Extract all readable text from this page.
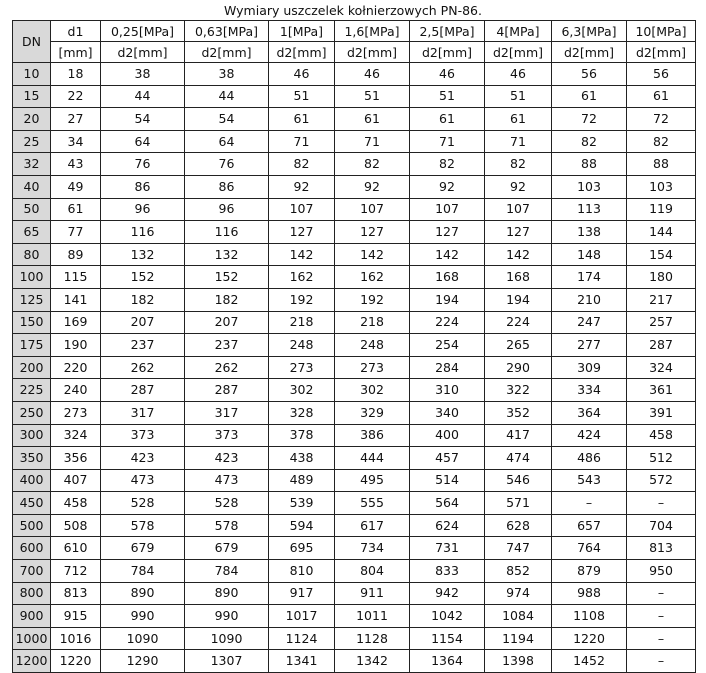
Wymiary uszczelek kołnierzowych PN-86.
DN	d1	0,25[MPa]	0,63[MPa]	1[MPa]	1,6[MPa]	2,5[MPa]	4[MPa]	6,3[MPa]	10[MPa]
	[mm]	d2[mm]	d2[mm]	d2[mm]	d2[mm]	d2[mm]	d2[mm]	d2[mm]	d2[mm]
10	18	38	38	46	46	46	46	56	56
15	22	44	44	51	51	51	51	61	61
20	27	54	54	61	61	61	61	72	72
25	34	64	64	71	71	71	71	82	82
32	43	76	76	82	82	82	82	88	88
40	49	86	86	92	92	92	92	103	103
50	61	96	96	107	107	107	107	113	119
65	77	116	116	127	127	127	127	138	144
80	89	132	132	142	142	142	142	148	154
100	115	152	152	162	162	168	168	174	180
125	141	182	182	192	192	194	194	210	217
150	169	207	207	218	218	224	224	247	257
175	190	237	237	248	248	254	265	277	287
200	220	262	262	273	273	284	290	309	324
225	240	287	287	302	302	310	322	334	361
250	273	317	317	328	329	340	352	364	391
300	324	373	373	378	386	400	417	424	458
350	356	423	423	438	444	457	474	486	512
400	407	473	473	489	495	514	546	543	572
450	458	528	528	539	555	564	571	–	–
500	508	578	578	594	617	624	628	657	704
600	610	679	679	695	734	731	747	764	813
700	712	784	784	810	804	833	852	879	950
800	813	890	890	917	911	942	974	988	–
900	915	990	990	1017	1011	1042	1084	1108	–
1000	1016	1090	1090	1124	1128	1154	1194	1220	–
1200	1220	1290	1307	1341	1342	1364	1398	1452	–
